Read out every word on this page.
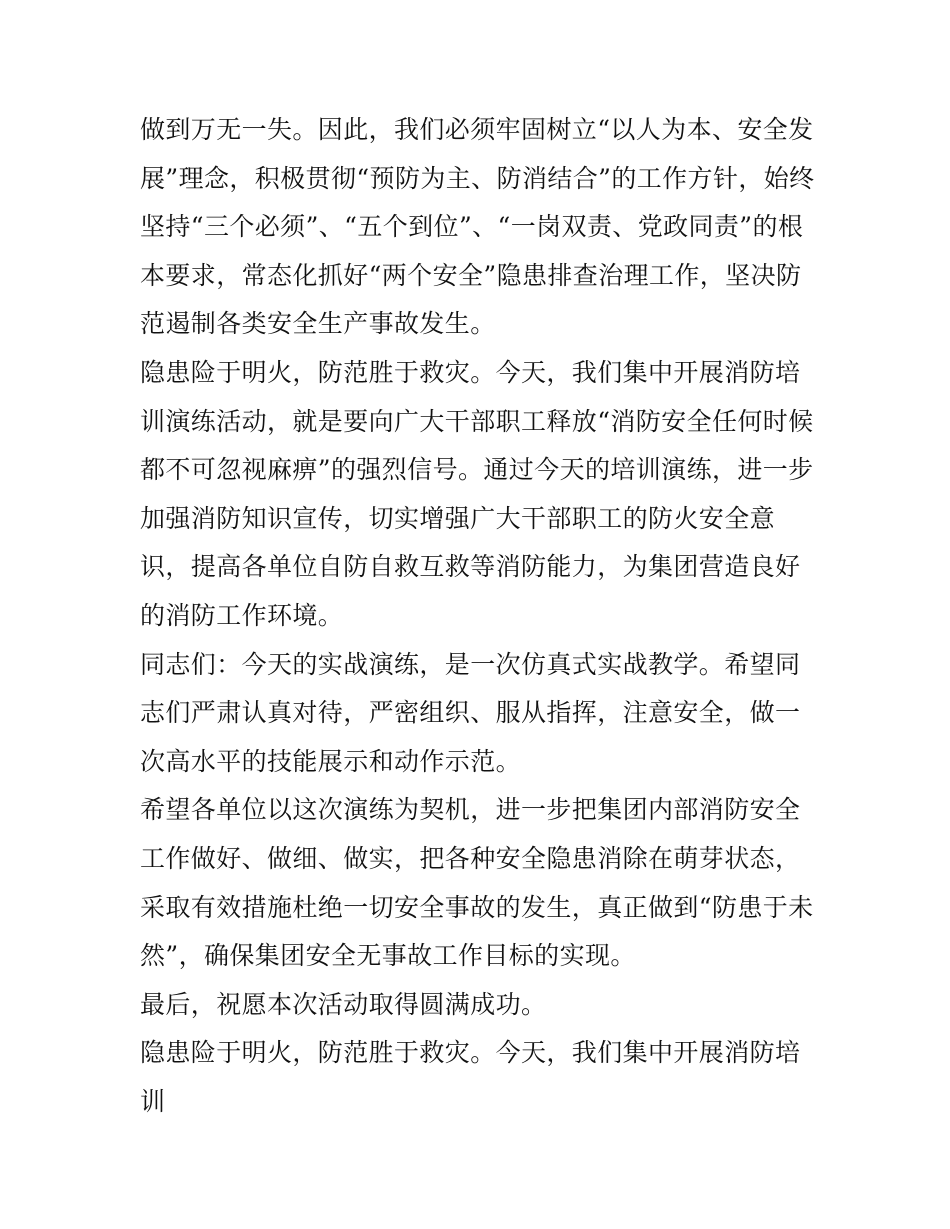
做到万无一失。因此，我们必须牢固树立“以人为本、安全发展”理念，积极贯彻“预防为主、防消结合”的工作方针，始终坚持“三个必须”、“五个到位”、“一岗双责、党政同责”的根本要求，常态化抓好“两个安全”隐患排查治理工作，坚决防范遏制各类安全生产事故发生。

隐患险于明火，防范胜于救灾。今天，我们集中开展消防培训演练活动，就是要向广大干部职工释放“消防安全任何时候都不可忽视麻痹”的强烈信号。通过今天的培训演练，进一步加强消防知识宣传，切实增强广大干部职工的防火安全意识，提高各单位自防自救互救等消防能力，为集团营造良好的消防工作环境。

同志们：今天的实战演练，是一次仿真式实战教学。希望同志们严肃认真对待，严密组织、服从指挥，注意安全，做一次高水平的技能展示和动作示范。

希望各单位以这次演练为契机，进一步把集团内部消防安全工作做好、做细、做实，把各种安全隐患消除在萌芽状态，采取有效措施杜绝一切安全事故的发生，真正做到“防患于未然”，确保集团安全无事故工作目标的实现。

最后，祝愿本次活动取得圆满成功。

隐患险于明火，防范胜于救灾。今天，我们集中开展消防培训
